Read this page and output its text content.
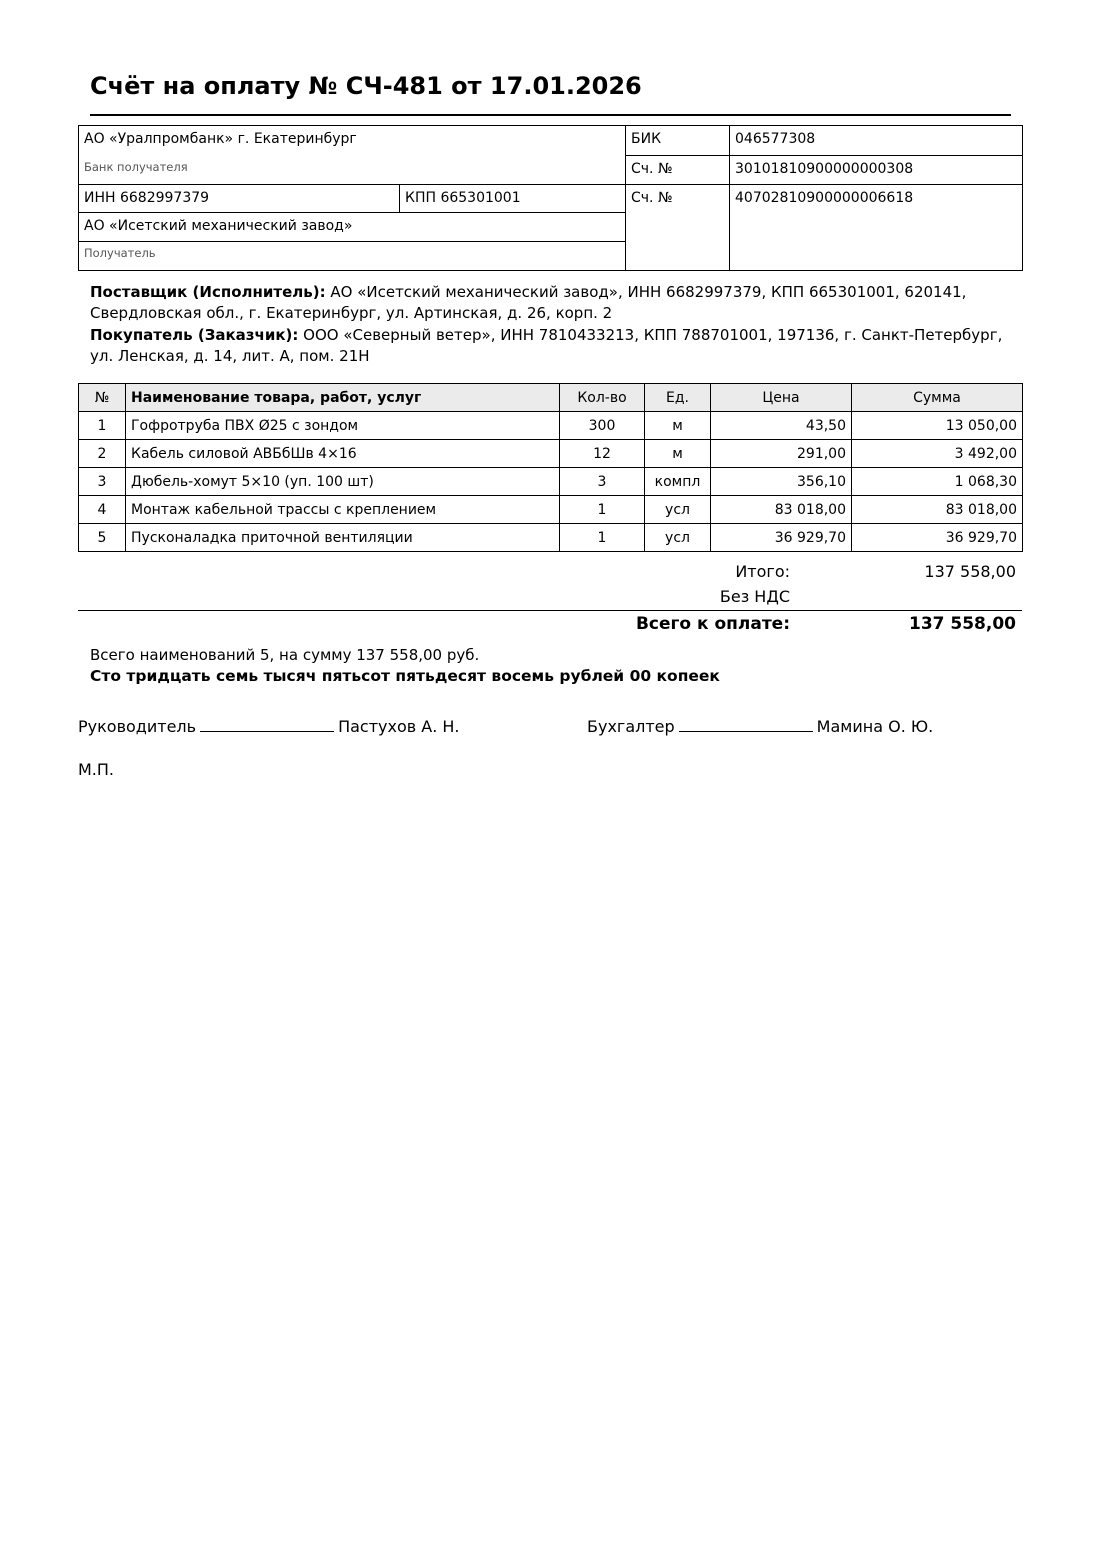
Счёт на оплату № СЧ-481 от 17.01.2026
АО «Уралпромбанк» г. Екатеринбург		БИК	046577308
Банк получателя		Сч. №	30101810900000000308
ИНН 6682997379	КПП 665301001	Сч. №	40702810900000006618
АО «Исетский механический завод»			
Получатель			

Поставщик (Исполнитель): АО «Исетский механический завод», ИНН 6682997379, КПП 665301001, 620141, Свердловская обл., г. Екатеринбург, ул. Артинская, д. 26, корп. 2

Покупатель (Заказчик): ООО «Северный ветер», ИНН 7810433213, КПП 788701001, 197136, г. Санкт-Петербург, ул. Ленская, д. 14, лит. А, пом. 21Н

№	Наименование товара, работ, услуг	Кол-во	Ед.	Цена	Сумма
1	Гофротруба ПВХ Ø25 с зондом	300	м	43,50	13 050,00
2	Кабель силовой АВБбШв 4×16	12	м	291,00	3 492,00
3	Дюбель-хомут 5×10 (уп. 100 шт)	3	компл	356,10	1 068,30
4	Монтаж кабельной трассы с креплением	1	усл	83 018,00	83 018,00
5	Пусконаладка приточной вентиляции	1	усл	36 929,70	36 929,70
Итого:	137 558,00
Без НДС
Всего к оплате:	137 558,00

Всего наименований 5, на сумму 137 558,00 руб.

Сто тридцать семь тысяч пятьсот пятьдесят восемь рублей 00 копеек

Руководитель	Пастухов А. Н.	Бухгалтер	Мамина О. Ю.
М.П.
